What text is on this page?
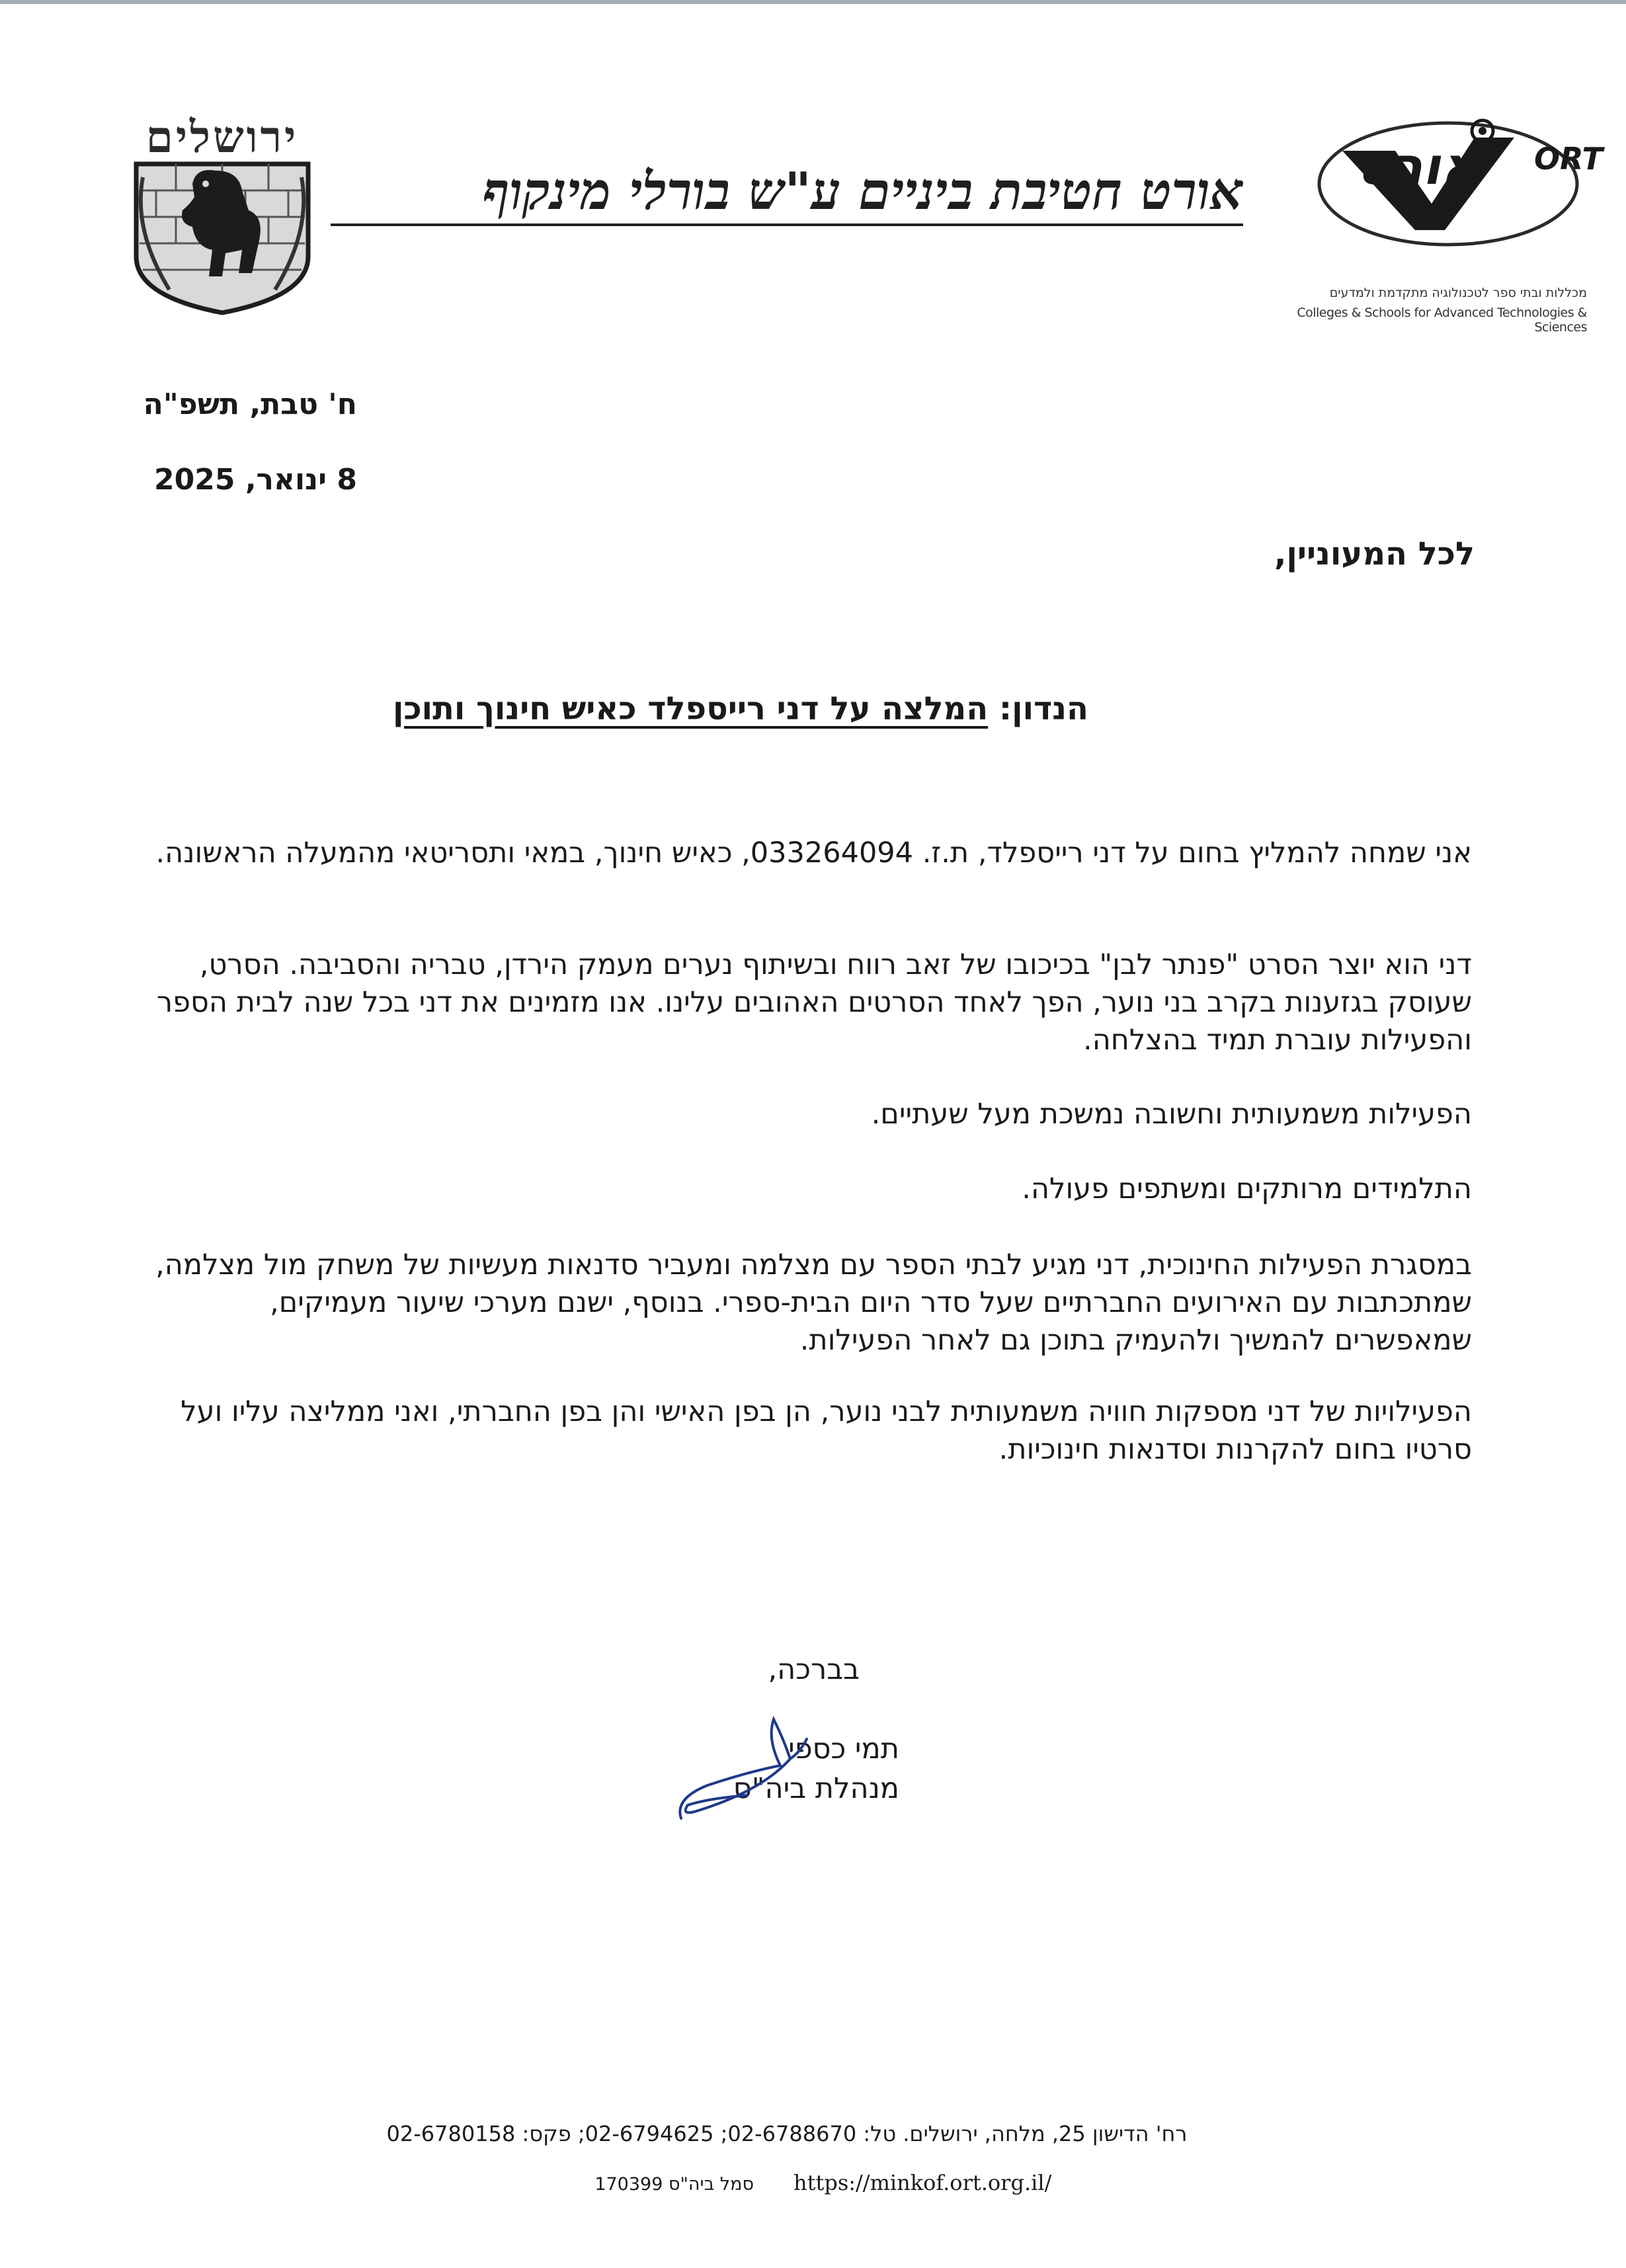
ירושלים
אורט חטיבת ביניים ע"ש בורלי מינקוף אורט ORT
מכללות ובתי ספר לטכנולוגיה מתקדמת ולמדעים
Colleges & Schools for Advanced Technologies & Sciences
ח' טבת, תשפ"ה
8 ינואר, 2025
לכל המעוניין,
הנדון: המלצה על דני רייספלד כאיש חינוך ותוכן
אני שמחה להמליץ בחום על דני רייספלד, ת.ז. 033264094, כאיש חינוך, במאי ותסריטאי מהמעלה הראשונה.
דני הוא יוצר הסרט "פנתר לבן" בכיכובו של זאב רווח ובשיתוף נערים מעמק הירדן, טבריה והסביבה. הסרט, שעוסק בגזענות בקרב בני נוער, הפך לאחד הסרטים האהובים עלינו. אנו מזמינים את דני בכל שנה לבית הספר והפעילות עוברת תמיד בהצלחה.
הפעילות משמעותית וחשובה נמשכת מעל שעתיים.
התלמידים מרותקים ומשתפים פעולה.
במסגרת הפעילות החינוכית, דני מגיע לבתי הספר עם מצלמה ומעביר סדנאות מעשיות של משחק מול מצלמה, שמתכתבות עם האירועים החברתיים שעל סדר היום הבית-ספרי. בנוסף, ישנם מערכי שיעור מעמיקים, שמאפשרים להמשיך ולהעמיק בתוכן גם לאחר הפעילות.
הפעילויות של דני מספקות חוויה משמעותית לבני נוער, הן בפן האישי והן בפן החברתי, ואני ממליצה עליו ועל סרטיו בחום להקרנות וסדנאות חינוכיות.
בברכה,
תמי כספי
מנהלת ביה"ס
רח' הדישון 25, מלחה, ירושלים. טל: 02-6788670; 02-6794625; פקס: 02-6780158
סמל ביה"ס 170399 https://minkof.ort.org.il/
